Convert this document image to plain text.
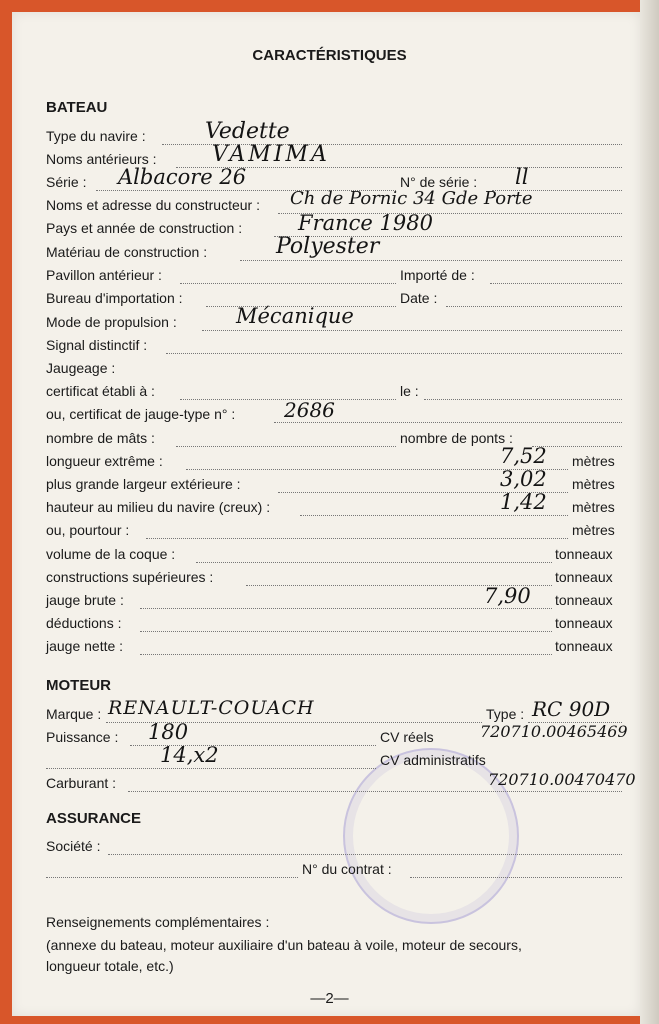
CARACTÉRISTIQUES
BATEAU
Type du navire :	Vedette
Noms antérieurs :	VAMIMA
Série : Albacore 26	N° de série : ll
Noms et adresse du constructeur : Ch de Pornic 34 Gde Porte
Pays et année de construction :	France 1980
Matériau de construction :	Polyester
Pavillon antérieur :	Importé de :
Bureau d'importation :	Date :
Mode de propulsion :	Mécanique
Signal distinctif :
Jaugeage :
certificat établi à :	le :
ou, certificat de jauge-type n° : 2686
nombre de mâts :	nombre de ponts :
longueur extrême :	7,52 mètres
plus grande largeur extérieure :	3,02 mètres
hauteur au milieu du navire (creux) :	1,42 mètres
ou, pourtour :	mètres
volume de la coque :	tonneaux
constructions supérieures :	tonneaux
jauge brute :	7,90 tonneaux
déductions :	tonneaux
jauge nette :	tonneaux
MOTEUR
Marque : RENAULT-COUACH	Type : RC 90D
Puissance : 180	CV réels	720710.00465469
14,x2	CV administratifs
Carburant :	720710.00470470
ASSURANCE
Société :
N° du contrat :
Renseignements complémentaires :
(annexe du bateau, moteur auxiliaire d'un bateau à voile, moteur de secours,
longueur totale, etc.)
—2—
